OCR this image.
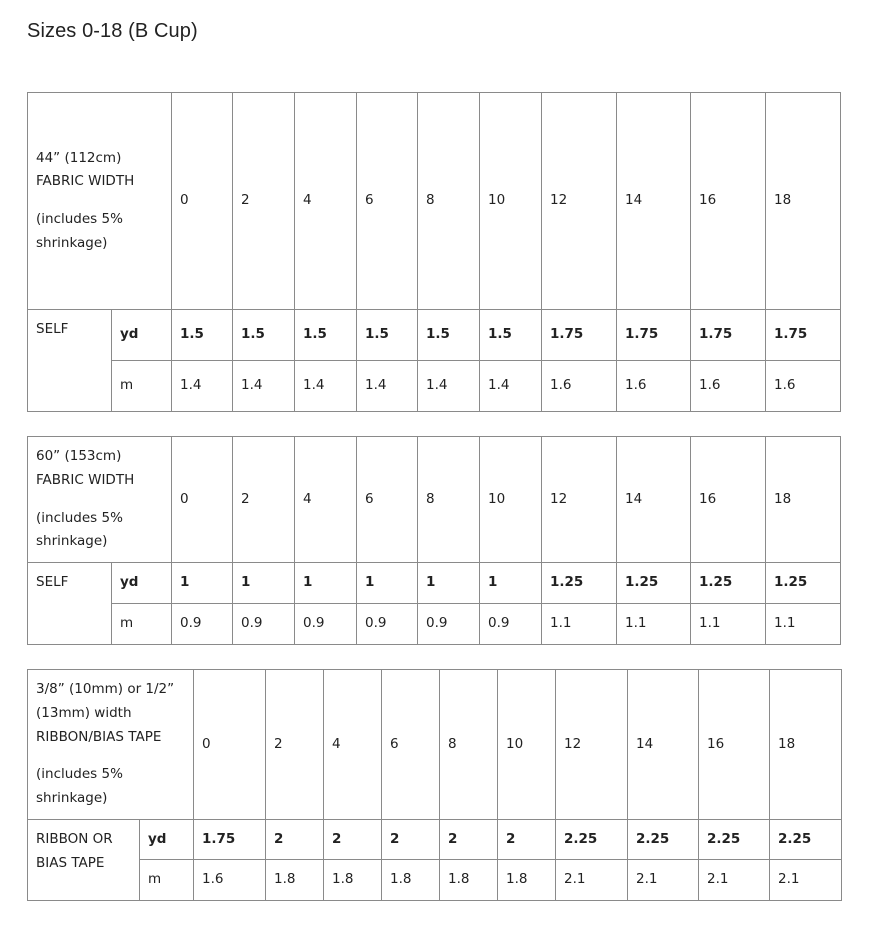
Sizes 0-18 (B Cup)

44” (112cm)
FABRIC WIDTH

(includes 5% shrinkage)		0	2	4	6	8	10	12	14	16	18
SELF	yd	1.5	1.5	1.5	1.5	1.5	1.5	1.75	1.75	1.75	1.75
	m	1.4	1.4	1.4	1.4	1.4	1.4	1.6	1.6	1.6	1.6

60” (153cm)
FABRIC WIDTH

(includes 5% shrinkage)		0	2	4	6	8	10	12	14	16	18
SELF	yd	1	1	1	1	1	1	1.25	1.25	1.25	1.25
	m	0.9	0.9	0.9	0.9	0.9	0.9	1.1	1.1	1.1	1.1

3/8” (10mm) or 1/2” (13mm) width RIBBON/BIAS TAPE

(includes 5% shrinkage)		0	2	4	6	8	10	12	14	16	18
RIBBON OR BIAS TAPE	yd	1.75	2	2	2	2	2	2.25	2.25	2.25	2.25
	m	1.6	1.8	1.8	1.8	1.8	1.8	2.1	2.1	2.1	2.1
